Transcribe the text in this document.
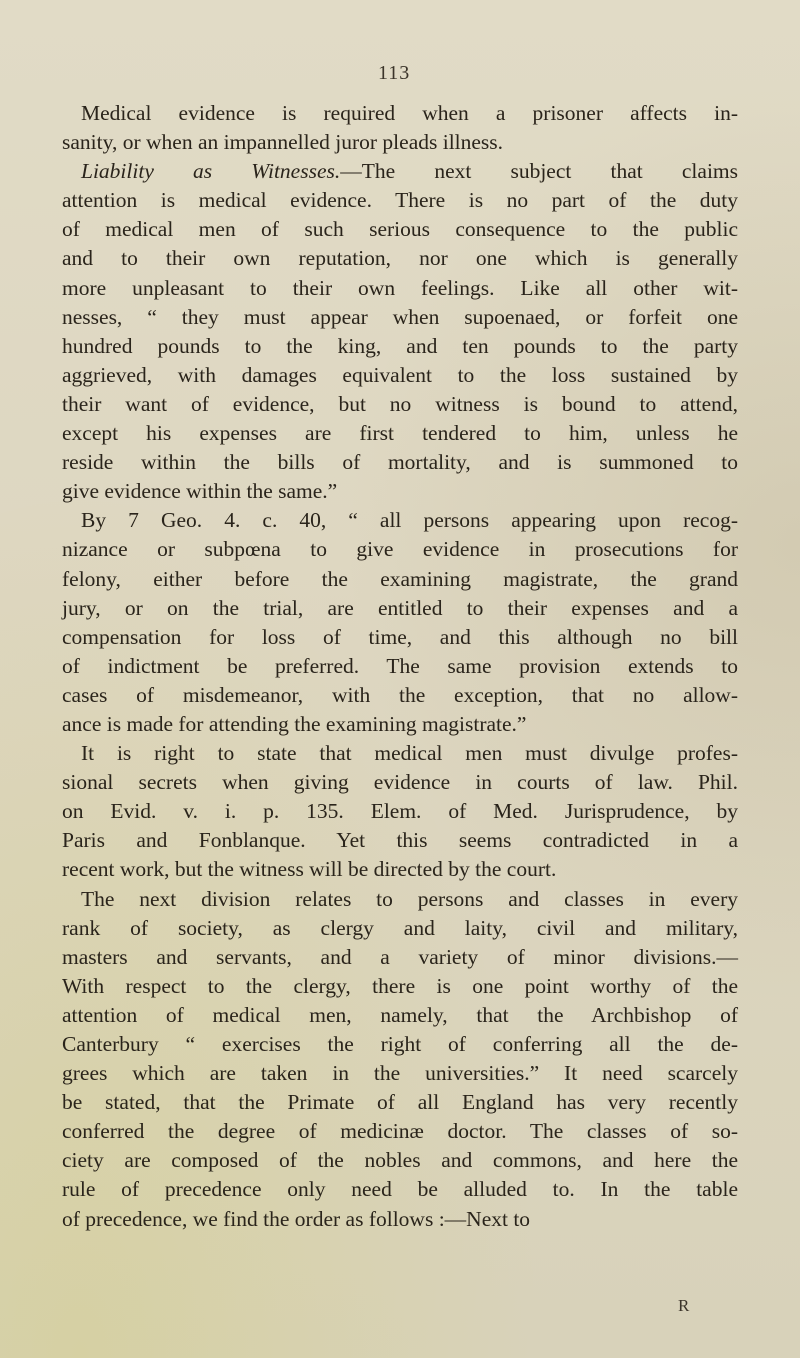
113
Medical evidence is required when a prisoner affects in-
sanity, or when an impannelled juror pleads illness.
Liability as Witnesses.—The next subject that claims
attention is medical evidence. There is no part of the duty
of medical men of such serious consequence to the public
and to their own reputation, nor one which is generally
more unpleasant to their own feelings. Like all other wit-
nesses, “ they must appear when supoenaed, or forfeit one
hundred pounds to the king, and ten pounds to the party
aggrieved, with damages equivalent to the loss sustained by
their want of evidence, but no witness is bound to attend,
except his expenses are first tendered to him, unless he
reside within the bills of mortality, and is summoned to
give evidence within the same.”
By 7 Geo. 4. c. 40, “ all persons appearing upon recog-
nizance or subpœna to give evidence in prosecutions for
felony, either before the examining magistrate, the grand
jury, or on the trial, are entitled to their expenses and a
compensation for loss of time, and this although no bill
of indictment be preferred. The same provision extends to
cases of misdemeanor, with the exception, that no allow-
ance is made for attending the examining magistrate.”
It is right to state that medical men must divulge profes-
sional secrets when giving evidence in courts of law. Phil.
on Evid. v. i. p. 135. Elem. of Med. Jurisprudence, by
Paris and Fonblanque. Yet this seems contradicted in a
recent work, but the witness will be directed by the court.
The next division relates to persons and classes in every
rank of society, as clergy and laity, civil and military,
masters and servants, and a variety of minor divisions.—
With respect to the clergy, there is one point worthy of the
attention of medical men, namely, that the Archbishop of
Canterbury “ exercises the right of conferring all the de-
grees which are taken in the universities.” It need scarcely
be stated, that the Primate of all England has very recently
conferred the degree of medicinæ doctor. The classes of so-
ciety are composed of the nobles and commons, and here the
rule of precedence only need be alluded to. In the table
of precedence, we find the order as follows :—Next to
R
